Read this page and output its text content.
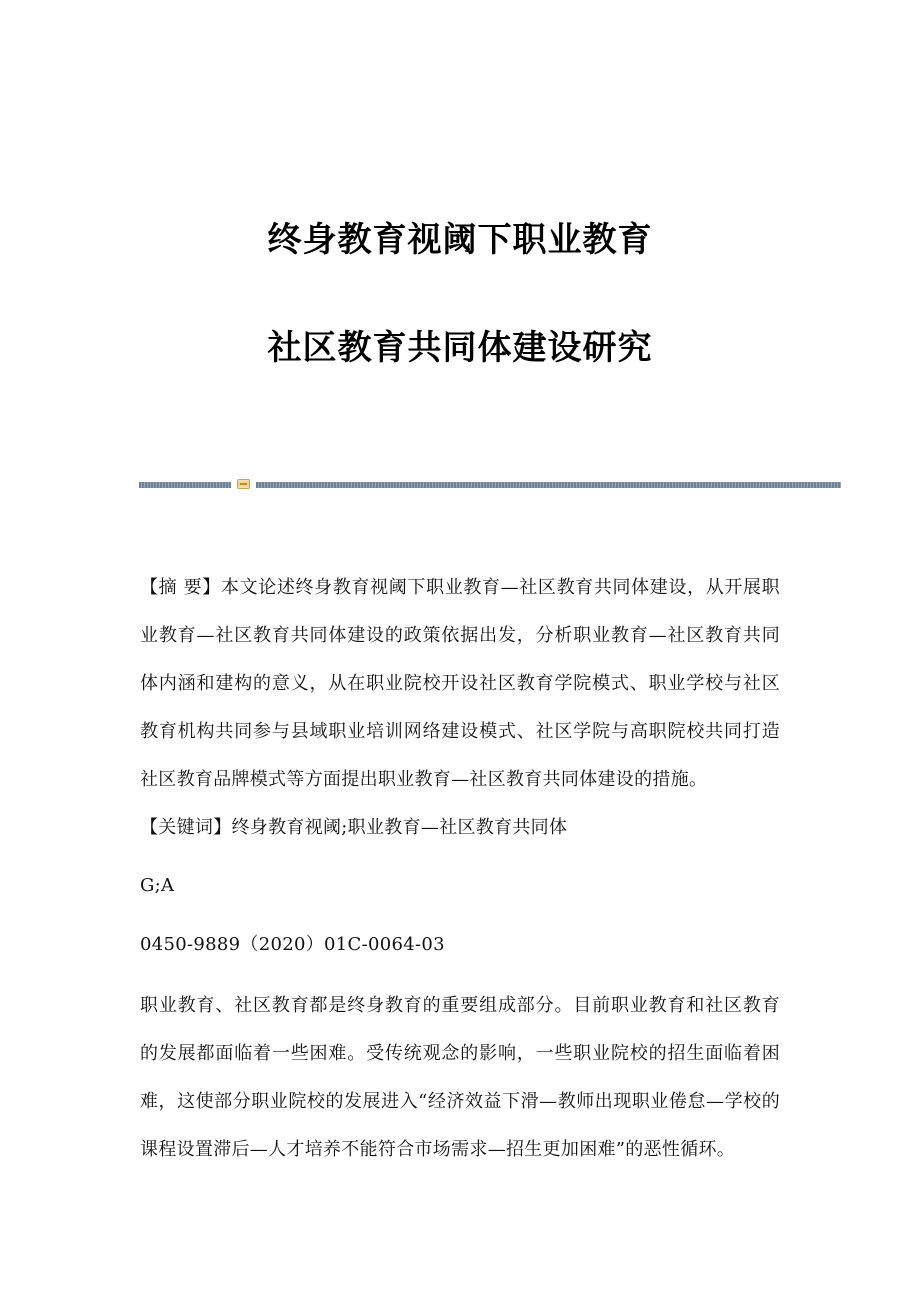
终身教育视阈下职业教育
社区教育共同体建设研究

【摘 要】本文论述终身教育视阈下职业教育—社区教育共同体建设，从开展职业教育—社区教育共同体建设的政策依据出发，分析职业教育—社区教育共同体内涵和建构的意义，从在职业院校开设社区教育学院模式、职业学校与社区教育机构共同参与县域职业培训网络建设模式、社区学院与高职院校共同打造社区教育品牌模式等方面提出职业教育—社区教育共同体建设的措施。

【关键词】终身教育视阈;职业教育—社区教育共同体

G;A
0450-9889（2020）01C-0064-03

职业教育、社区教育都是终身教育的重要组成部分。目前职业教育和社区教育的发展都面临着一些困难。受传统观念的影响，一些职业院校的招生面临着困难，这使部分职业院校的发展进入“经济效益下滑—教师出现职业倦怠—学校的课程设置滞后—人才培养不能符合市场需求—招生更加困难”的恶性循环。
